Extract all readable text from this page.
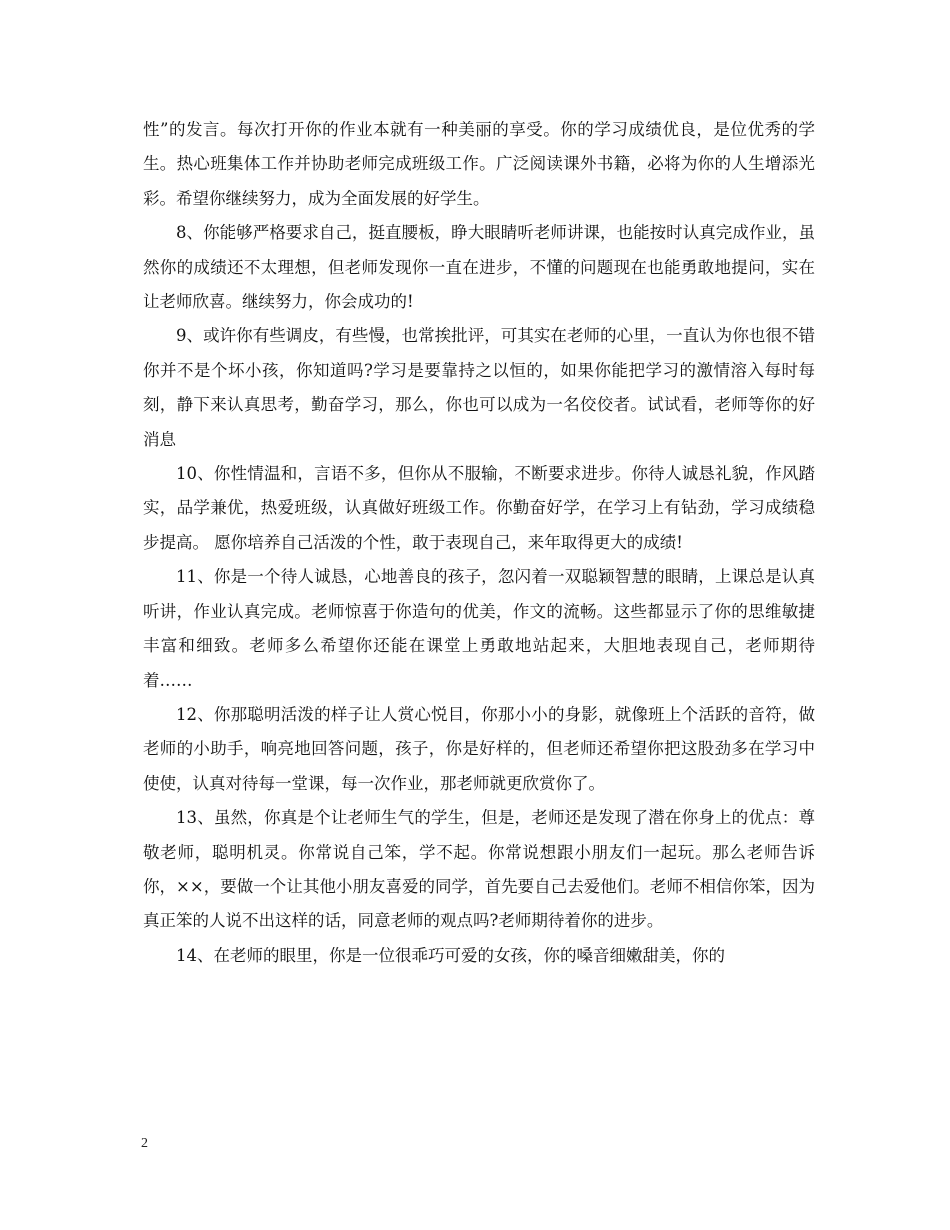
性”的发言。每次打开你的作业本就有一种美丽的享受。你的学习成绩优良，是位优秀的学生。热心班集体工作并协助老师完成班级工作。广泛阅读课外书籍，必将为你的人生增添光彩。希望你继续努力，成为全面发展的好学生。

8、你能够严格要求自己，挺直腰板，睁大眼睛听老师讲课，也能按时认真完成作业，虽然你的成绩还不太理想，但老师发现你一直在进步，不懂的问题现在也能勇敢地提问，实在让老师欣喜。继续努力，你会成功的!

9、或许你有些调皮，有些慢，也常挨批评，可其实在老师的心里，一直认为你也很不错你并不是个坏小孩，你知道吗?学习是要靠持之以恒的，如果你能把学习的激情溶入每时每刻，静下来认真思考，勤奋学习，那么，你也可以成为一名佼佼者。试试看，老师等你的好消息

10、你性情温和，言语不多，但你从不服输，不断要求进步。你待人诚恳礼貌，作风踏实，品学兼优，热爱班级，认真做好班级工作。你勤奋好学，在学习上有钻劲，学习成绩稳步提高。 愿你培养自己活泼的个性，敢于表现自己，来年取得更大的成绩!

11、你是一个待人诚恳，心地善良的孩子，忽闪着一双聪颖智慧的眼睛，上课总是认真听讲，作业认真完成。老师惊喜于你造句的优美，作文的流畅。这些都显示了你的思维敏捷丰富和细致。老师多么希望你还能在课堂上勇敢地站起来，大胆地表现自己，老师期待着……

12、你那聪明活泼的样子让人赏心悦目，你那小小的身影，就像班上个活跃的音符，做老师的小助手，响亮地回答问题，孩子，你是好样的，但老师还希望你把这股劲多在学习中使使，认真对待每一堂课，每一次作业，那老师就更欣赏你了。

13、虽然，你真是个让老师生气的学生，但是，老师还是发现了潜在你身上的优点：尊敬老师，聪明机灵。你常说自己笨，学不起。你常说想跟小朋友们一起玩。那么老师告诉你，××，要做一个让其他小朋友喜爱的同学，首先要自己去爱他们。老师不相信你笨，因为真正笨的人说不出这样的话，同意老师的观点吗?老师期待着你的进步。

14、在老师的眼里，你是一位很乖巧可爱的女孩，你的嗓音细嫩甜美，你的

2
